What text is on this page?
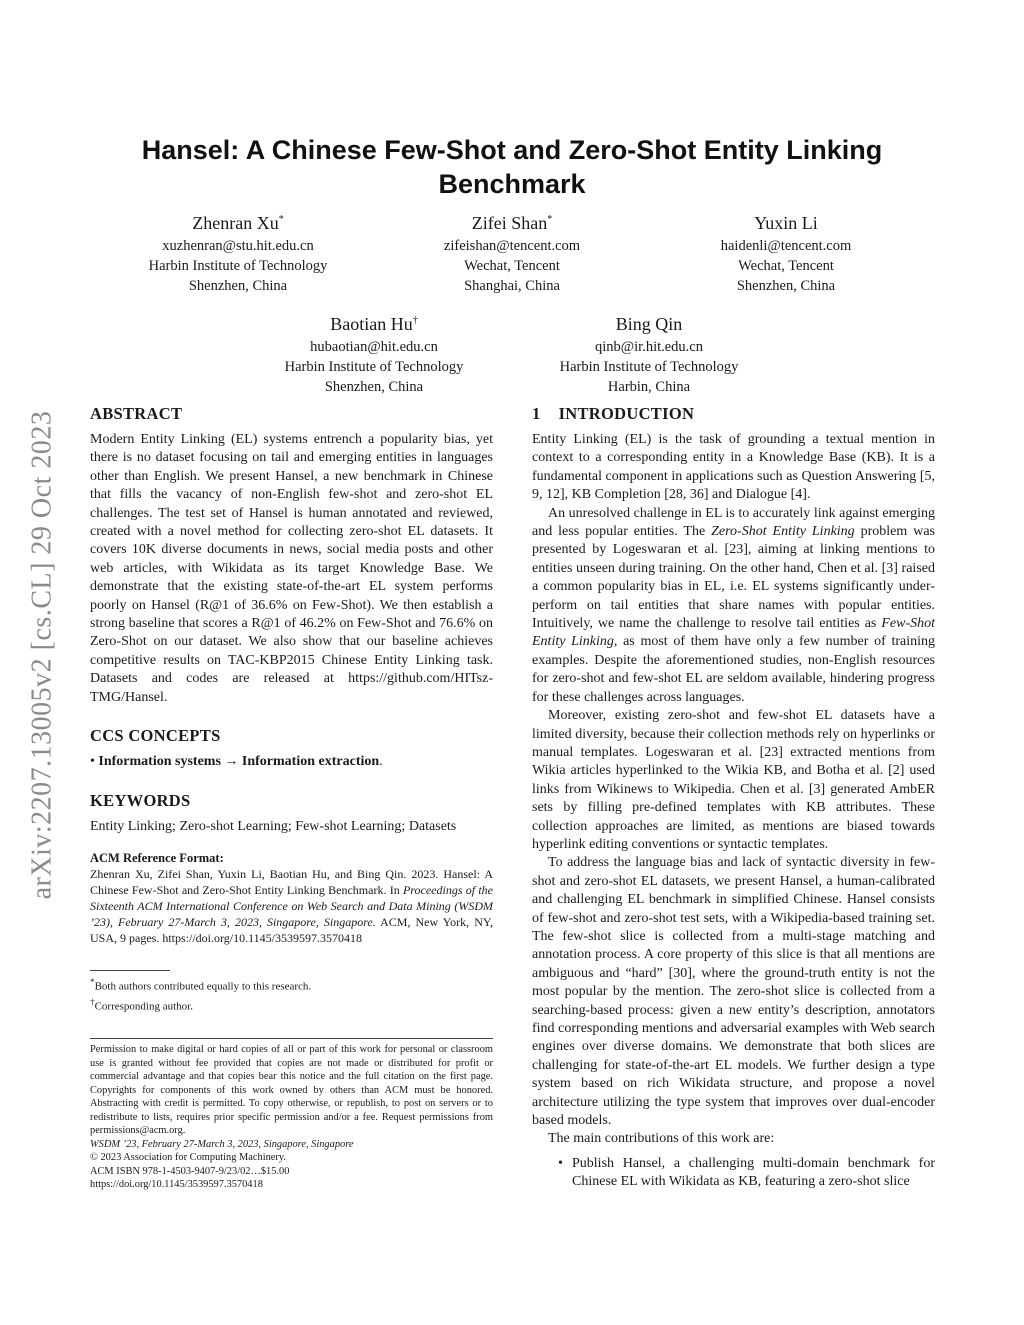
arXiv:2207.13005v2 [cs.CL] 29 Oct 2023
Hansel: A Chinese Few-Shot and Zero-Shot Entity Linking
Benchmark
Zhenran Xu*
xuzhenran@stu.hit.edu.cn
Harbin Institute of Technology
Shenzhen, China
Zifei Shan*
zifeishan@tencent.com
Wechat, Tencent
Shanghai, China
Yuxin Li
haidenli@tencent.com
Wechat, Tencent
Shenzhen, China
Baotian Hu†
hubaotian@hit.edu.cn
Harbin Institute of Technology
Shenzhen, China
Bing Qin
qinb@ir.hit.edu.cn
Harbin Institute of Technology
Harbin, China
ABSTRACT

Modern Entity Linking (EL) systems entrench a popularity bias, yet there is no dataset focusing on tail and emerging entities in languages other than English. We present Hansel, a new benchmark in Chinese that fills the vacancy of non-English few-shot and zero-shot EL challenges. The test set of Hansel is human annotated and reviewed, created with a novel method for collecting zero-shot EL datasets. It covers 10K diverse documents in news, social media posts and other web articles, with Wikidata as its target Knowledge Base. We demonstrate that the existing state-of-the-art EL system performs poorly on Hansel (R@1 of 36.6% on Few-Shot). We then establish a strong baseline that scores a R@1 of 46.2% on Few-Shot and 76.6% on Zero-Shot on our dataset. We also show that our baseline achieves competitive results on TAC-KBP2015 Chinese Entity Linking task. Datasets and codes are released at https://github.com/HITsz-TMG/Hansel.

CCS CONCEPTS
• Information systems → Information extraction.
KEYWORDS

Entity Linking; Zero-shot Learning; Few-shot Learning; Datasets

ACM Reference Format:

Zhenran Xu, Zifei Shan, Yuxin Li, Baotian Hu, and Bing Qin. 2023. Hansel: A Chinese Few-Shot and Zero-Shot Entity Linking Benchmark. In Proceedings of the Sixteenth ACM International Conference on Web Search and Data Mining (WSDM ’23), February 27-March 3, 2023, Singapore, Singapore. ACM, New York, NY, USA, 9 pages. https://doi.org/10.1145/3539597.3570418

*Both authors contributed equally to this research.
†Corresponding author.

Permission to make digital or hard copies of all or part of this work for personal or classroom use is granted without fee provided that copies are not made or distributed for profit or commercial advantage and that copies bear this notice and the full citation on the first page. Copyrights for components of this work owned by others than ACM must be honored. Abstracting with credit is permitted. To copy otherwise, or republish, to post on servers or to redistribute to lists, requires prior specific permission and/or a fee. Request permissions from permissions@acm.org.

WSDM ’23, February 27-March 3, 2023, Singapore, Singapore
© 2023 Association for Computing Machinery.
ACM ISBN 978-1-4503-9407-9/23/02…$15.00
https://doi.org/10.1145/3539597.3570418
1 INTRODUCTION

Entity Linking (EL) is the task of grounding a textual mention in context to a corresponding entity in a Knowledge Base (KB). It is a fundamental component in applications such as Question Answering [5, 9, 12], KB Completion [28, 36] and Dialogue [4].

An unresolved challenge in EL is to accurately link against emerging and less popular entities. The Zero-Shot Entity Linking problem was presented by Logeswaran et al. [23], aiming at linking mentions to entities unseen during training. On the other hand, Chen et al. [3] raised a common popularity bias in EL, i.e. EL systems significantly under-perform on tail entities that share names with popular entities. Intuitively, we name the challenge to resolve tail entities as Few-Shot Entity Linking, as most of them have only a few number of training examples. Despite the aforementioned studies, non-English resources for zero-shot and few-shot EL are seldom available, hindering progress for these challenges across languages.

Moreover, existing zero-shot and few-shot EL datasets have a limited diversity, because their collection methods rely on hyperlinks or manual templates. Logeswaran et al. [23] extracted mentions from Wikia articles hyperlinked to the Wikia KB, and Botha et al. [2] used links from Wikinews to Wikipedia. Chen et al. [3] generated AmbER sets by filling pre-defined templates with KB attributes. These collection approaches are limited, as mentions are biased towards hyperlink editing conventions or syntactic templates.

To address the language bias and lack of syntactic diversity in few-shot and zero-shot EL datasets, we present Hansel, a human-calibrated and challenging EL benchmark in simplified Chinese. Hansel consists of few-shot and zero-shot test sets, with a Wikipedia-based training set. The few-shot slice is collected from a multi-stage matching and annotation process. A core property of this slice is that all mentions are ambiguous and “hard” [30], where the ground-truth entity is not the most popular by the mention. The zero-shot slice is collected from a searching-based process: given a new entity’s description, annotators find corresponding mentions and adversarial examples with Web search engines over diverse domains. We demonstrate that both slices are challenging for state-of-the-art EL models. We further design a type system based on rich Wikidata structure, and propose a novel architecture utilizing the type system that improves over dual-encoder based models.

The main contributions of this work are:

• Publish Hansel, a challenging multi-domain benchmark for Chinese EL with Wikidata as KB, featuring a zero-shot slice
